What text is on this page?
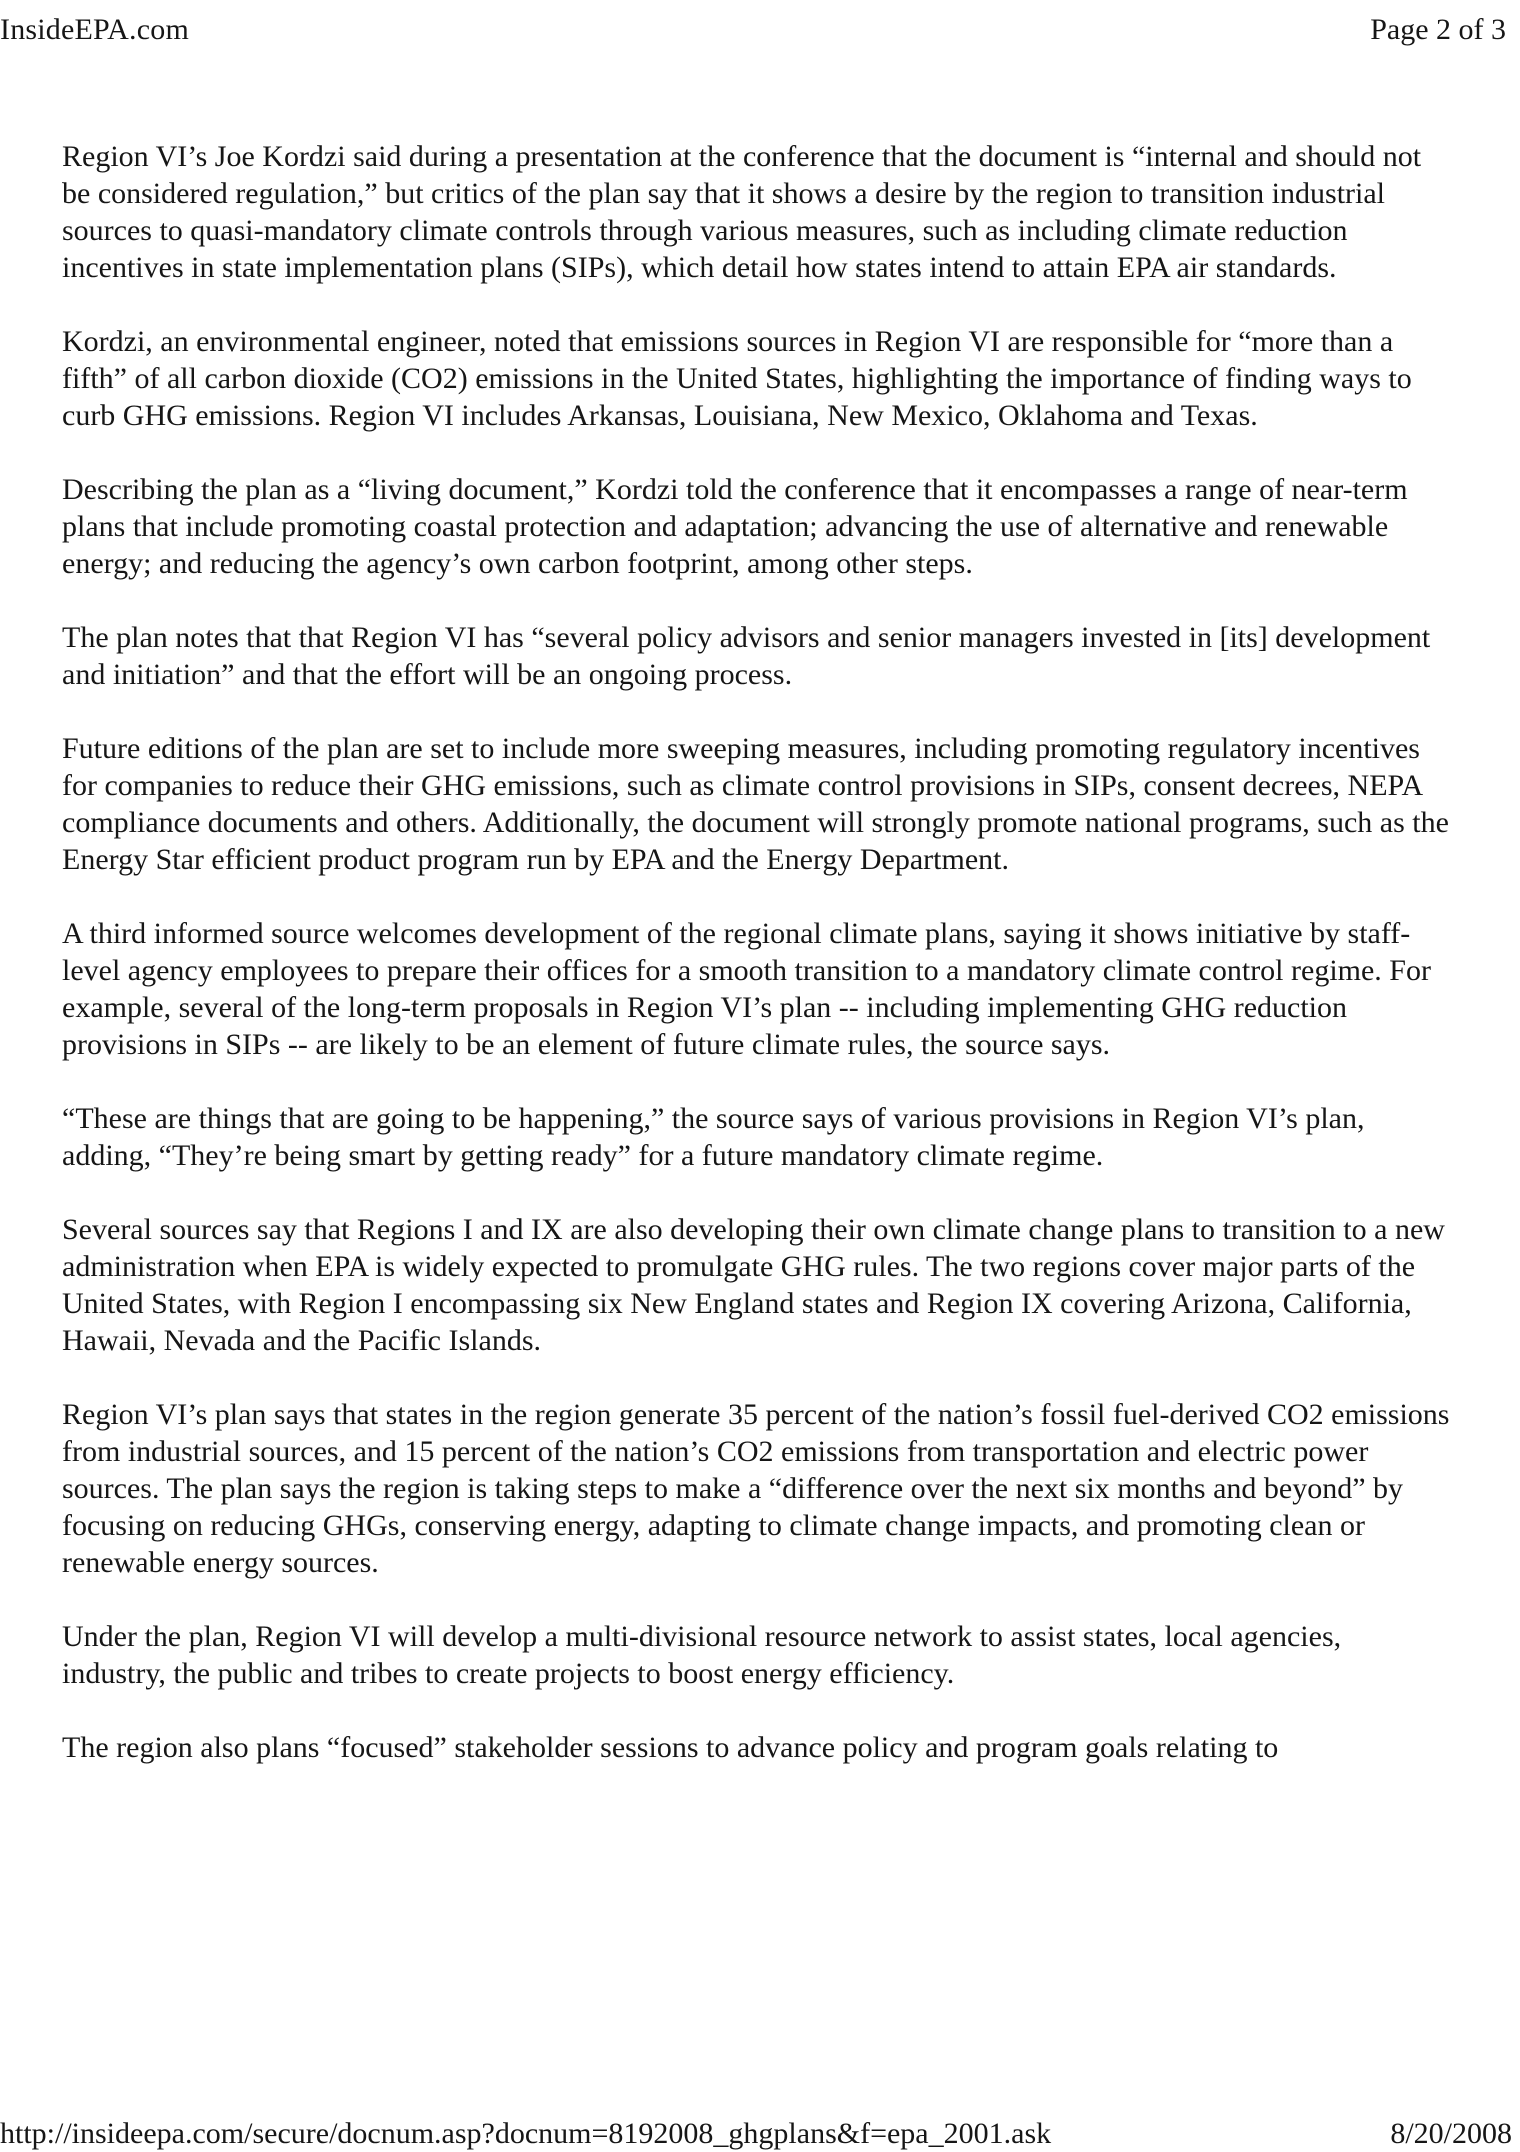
InsideEPA.com	Page 2 of 3

Region VI’s Joe Kordzi said during a presentation at the conference that the document is “internal and should not be considered regulation,” but critics of the plan say that it shows a desire by the region to transition industrial sources to quasi-mandatory climate controls through various measures, such as including climate reduction incentives in state implementation plans (SIPs), which detail how states intend to attain EPA air standards.

Kordzi, an environmental engineer, noted that emissions sources in Region VI are responsible for “more than a fifth” of all carbon dioxide (CO2) emissions in the United States, highlighting the importance of finding ways to curb GHG emissions. Region VI includes Arkansas, Louisiana, New Mexico, Oklahoma and Texas.

Describing the plan as a “living document,” Kordzi told the conference that it encompasses a range of near-term plans that include promoting coastal protection and adaptation; advancing the use of alternative and renewable energy; and reducing the agency’s own carbon footprint, among other steps.

The plan notes that that Region VI has “several policy advisors and senior managers invested in [its] development and initiation” and that the effort will be an ongoing process.

Future editions of the plan are set to include more sweeping measures, including promoting regulatory incentives for companies to reduce their GHG emissions, such as climate control provisions in SIPs, consent decrees, NEPA compliance documents and others. Additionally, the document will strongly promote national programs, such as the Energy Star efficient product program run by EPA and the Energy Department.

A third informed source welcomes development of the regional climate plans, saying it shows initiative by staff-level agency employees to prepare their offices for a smooth transition to a mandatory climate control regime. For example, several of the long-term proposals in Region VI’s plan -- including implementing GHG reduction provisions in SIPs -- are likely to be an element of future climate rules, the source says.

“These are things that are going to be happening,” the source says of various provisions in Region VI’s plan, adding, “They’re being smart by getting ready” for a future mandatory climate regime.

Several sources say that Regions I and IX are also developing their own climate change plans to transition to a new administration when EPA is widely expected to promulgate GHG rules. The two regions cover major parts of the United States, with Region I encompassing six New England states and Region IX covering Arizona, California, Hawaii, Nevada and the Pacific Islands.

Region VI’s plan says that states in the region generate 35 percent of the nation’s fossil fuel-derived CO2 emissions from industrial sources, and 15 percent of the nation’s CO2 emissions from transportation and electric power sources. The plan says the region is taking steps to make a “difference over the next six months and beyond” by focusing on reducing GHGs, conserving energy, adapting to climate change impacts, and promoting clean or renewable energy sources.

Under the plan, Region VI will develop a multi-divisional resource network to assist states, local agencies, industry, the public and tribes to create projects to boost energy efficiency.

The region also plans “focused” stakeholder sessions to advance policy and program goals relating to

http://insideepa.com/secure/docnum.asp?docnum=8192008_ghgplans&f=epa_2001.ask	8/20/2008
